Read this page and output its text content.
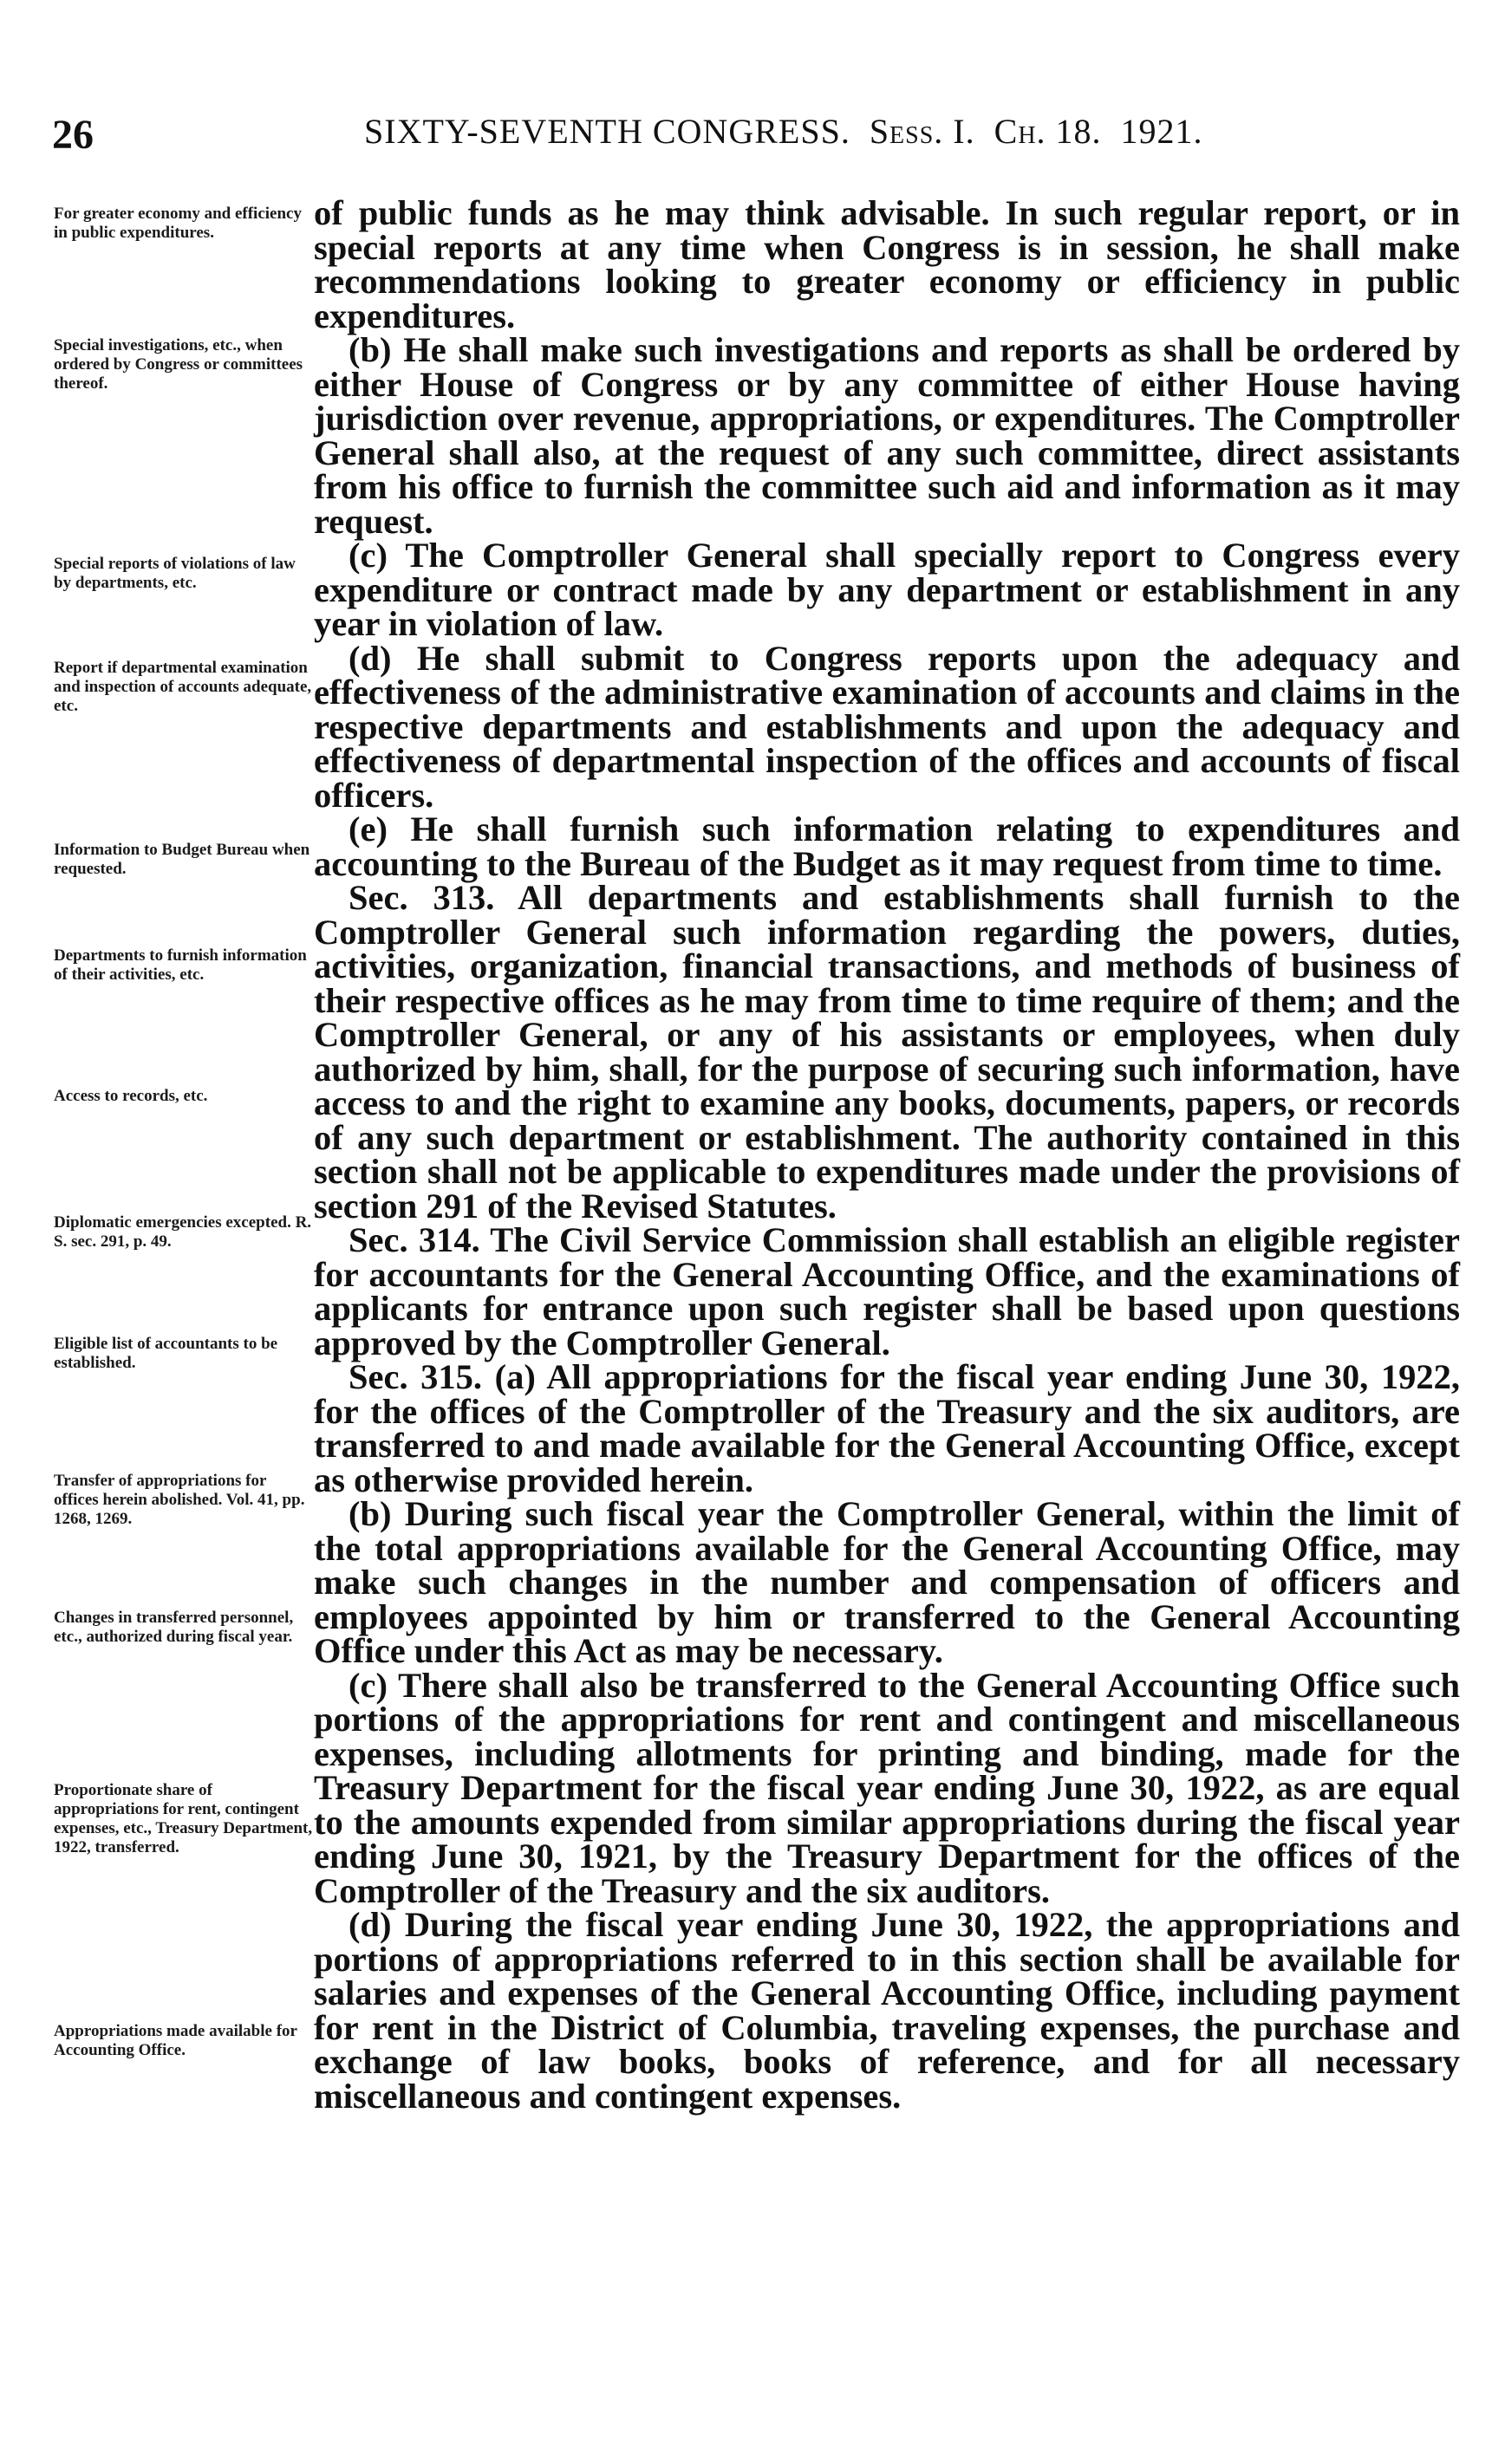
26	SIXTY-SEVENTH CONGRESS. Sess. I. Ch. 18. 1921.
For greater economy and efficiency in public expenditures.
Special investigations, etc., when ordered by Congress or committees thereof.
Special reports of violations of law by departments, etc.
Report if departmental examination and inspection of accounts adequate, etc.
Information to Budget Bureau when requested.
Departments to furnish information of their activities, etc.
Access to records, etc.
Diplomatic emergencies excepted. R. S. sec. 291, p. 49.
Eligible list of accountants to be established.
Transfer of appropriations for offices herein abolished. Vol. 41, pp. 1268, 1269.
Changes in transferred personnel, etc., authorized during fiscal year.
Proportionate share of appropriations for rent, contingent expenses, etc., Treasury Department, 1922, transferred.
Appropriations made available for Accounting Office.

of public funds as he may think advisable. In such regular report, or in special reports at any time when Congress is in session, he shall make recommendations looking to greater economy or efficiency in public expenditures.

(b) He shall make such investigations and reports as shall be ordered by either House of Congress or by any committee of either House having jurisdiction over revenue, appropriations, or expenditures. The Comptroller General shall also, at the request of any such committee, direct assistants from his office to furnish the committee such aid and information as it may request.

(c) The Comptroller General shall specially report to Congress every expenditure or contract made by any department or establishment in any year in violation of law.

(d) He shall submit to Congress reports upon the adequacy and effectiveness of the administrative examination of accounts and claims in the respective departments and establishments and upon the adequacy and effectiveness of departmental inspection of the offices and accounts of fiscal officers.

(e) He shall furnish such information relating to expenditures and accounting to the Bureau of the Budget as it may request from time to time.

Sec. 313. All departments and establishments shall furnish to the Comptroller General such information regarding the powers, duties, activities, organization, financial transactions, and methods of business of their respective offices as he may from time to time require of them; and the Comptroller General, or any of his assistants or employees, when duly authorized by him, shall, for the purpose of securing such information, have access to and the right to examine any books, documents, papers, or records of any such department or establishment. The authority contained in this section shall not be applicable to expenditures made under the provisions of section 291 of the Revised Statutes.

Sec. 314. The Civil Service Commission shall establish an eligible register for accountants for the General Accounting Office, and the examinations of applicants for entrance upon such register shall be based upon questions approved by the Comptroller General.

Sec. 315. (a) All appropriations for the fiscal year ending June 30, 1922, for the offices of the Comptroller of the Treasury and the six auditors, are transferred to and made available for the General Accounting Office, except as otherwise provided herein.

(b) During such fiscal year the Comptroller General, within the limit of the total appropriations available for the General Accounting Office, may make such changes in the number and compensation of officers and employees appointed by him or transferred to the General Accounting Office under this Act as may be necessary.

(c) There shall also be transferred to the General Accounting Office such portions of the appropriations for rent and contingent and miscellaneous expenses, including allotments for printing and binding, made for the Treasury Department for the fiscal year ending June 30, 1922, as are equal to the amounts expended from similar appropriations during the fiscal year ending June 30, 1921, by the Treasury Department for the offices of the Comptroller of the Treasury and the six auditors.

(d) During the fiscal year ending June 30, 1922, the appropriations and portions of appropriations referred to in this section shall be available for salaries and expenses of the General Accounting Office, including payment for rent in the District of Columbia, traveling expenses, the purchase and exchange of law books, books of reference, and for all necessary miscellaneous and contingent expenses.
